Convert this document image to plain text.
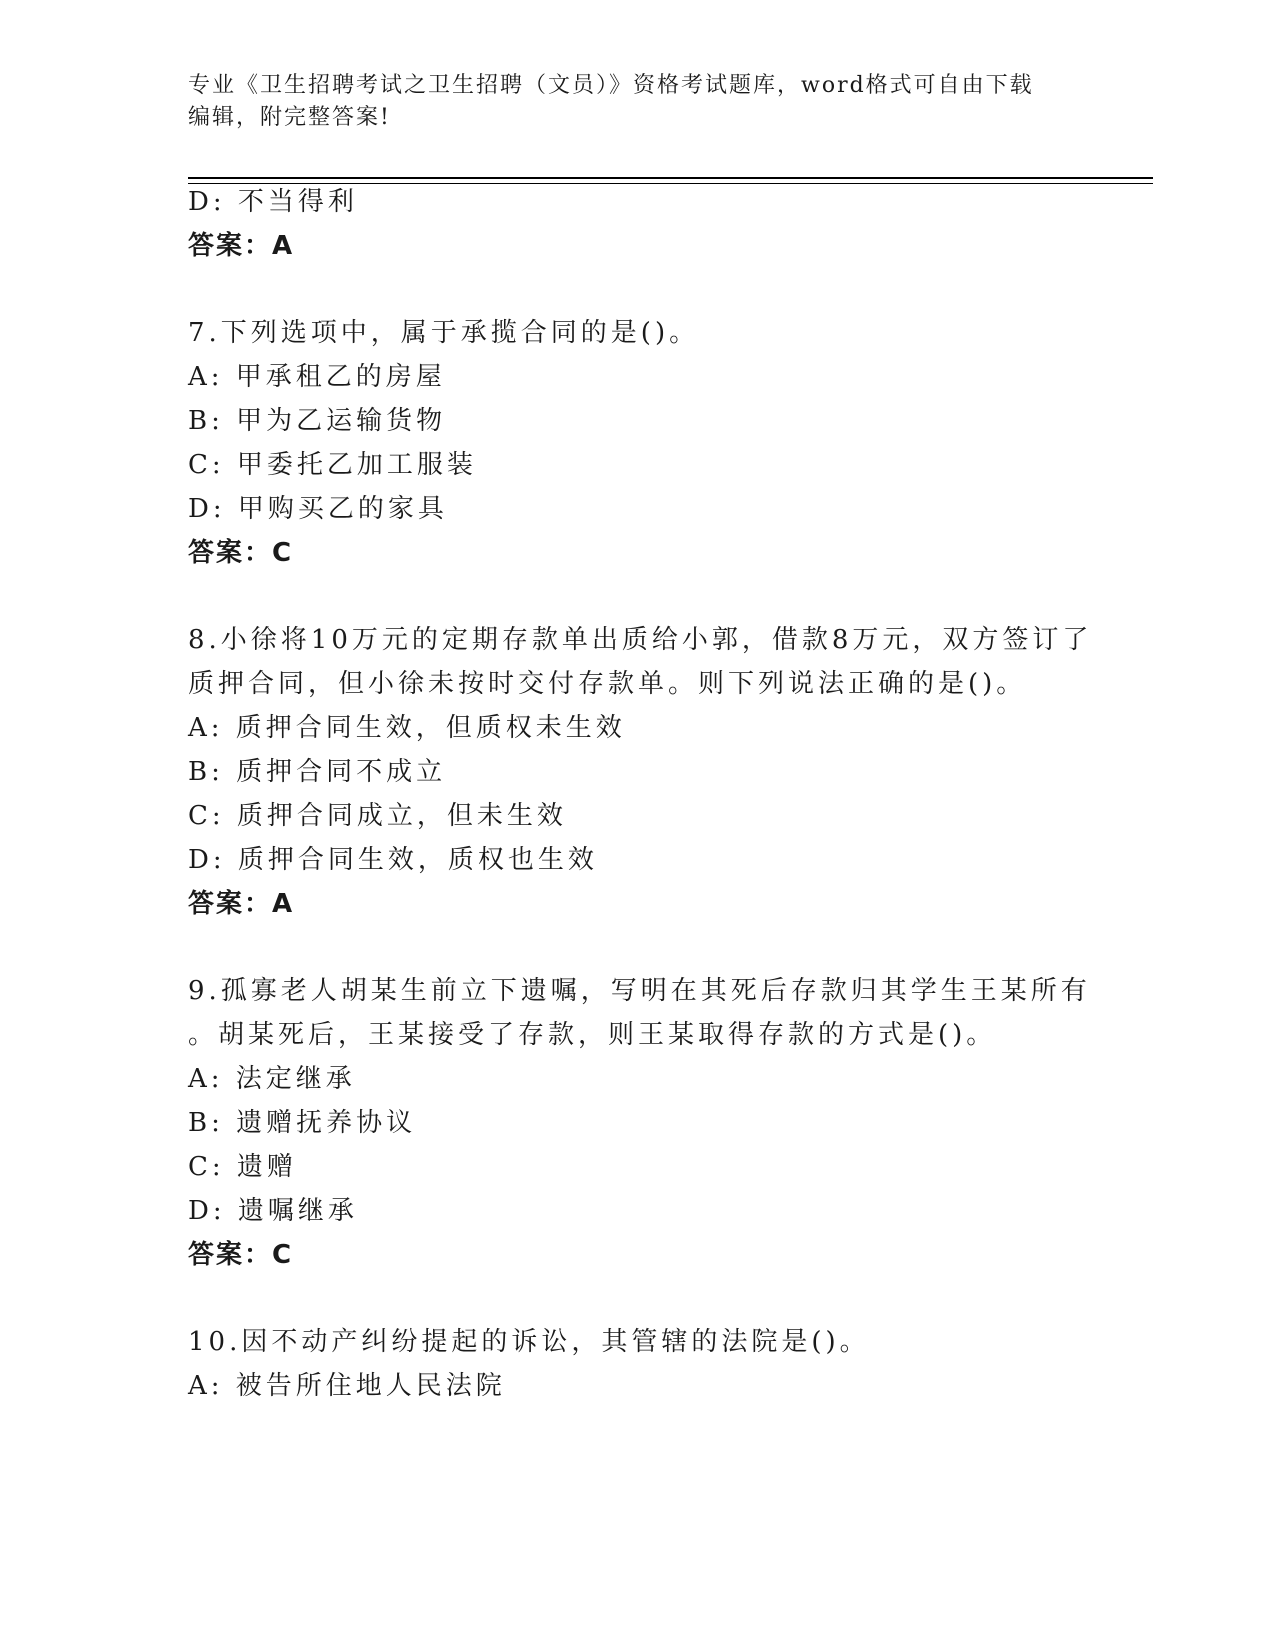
专业《卫生招聘考试之卫生招聘（文员）》资格考试题库，word格式可自由下载
编辑，附完整答案!
D: 不当得利
答案：A
7.下列选项中，属于承揽合同的是()。
A: 甲承租乙的房屋
B: 甲为乙运输货物
C: 甲委托乙加工服装
D: 甲购买乙的家具
答案：C
8.小徐将10万元的定期存款单出质给小郭，借款8万元，双方签订了
质押合同，但小徐未按时交付存款单。则下列说法正确的是()。
A: 质押合同生效，但质权未生效
B: 质押合同不成立
C: 质押合同成立，但未生效
D: 质押合同生效，质权也生效
答案：A
9.孤寡老人胡某生前立下遗嘱，写明在其死后存款归其学生王某所有
。胡某死后，王某接受了存款，则王某取得存款的方式是()。
A: 法定继承
B: 遗赠抚养协议
C: 遗赠
D: 遗嘱继承
答案：C
10.因不动产纠纷提起的诉讼，其管辖的法院是()。
A: 被告所住地人民法院
